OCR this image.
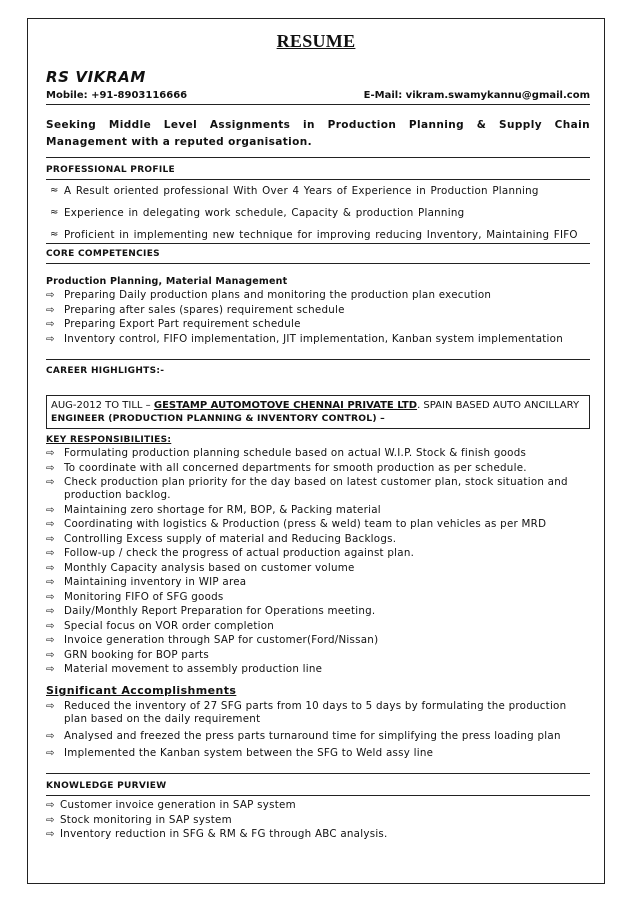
RESUME
RS VIKRAM
Mobile: +91-8903116666	E-Mail: vikram.swamykannu@gmail.com
Seeking Middle Level Assignments in Production Planning & Supply Chain Management with a reputed organisation.
PROFESSIONAL PROFILE
≈ A Result oriented professional With Over 4 Years of Experience in Production Planning
≈ Experience in delegating work schedule, Capacity & production Planning
≈ Proficient in implementing new technique for improving reducing Inventory, Maintaining FIFO
CORE COMPETENCIES
Production Planning, Material Management
⇨ Preparing Daily production plans and monitoring the production plan execution
⇨ Preparing after sales (spares) requirement schedule
⇨ Preparing Export Part requirement schedule
⇨ Inventory control, FIFO implementation, JIT implementation, Kanban system implementation
CAREER HIGHLIGHTS:-
AUG-2012 TO TILL – GESTAMP AUTOMOTOVE CHENNAI PRIVATE LTD. SPAIN BASED AUTO ANCILLARY
ENGINEER (PRODUCTION PLANNING & INVENTORY CONTROL) –
KEY RESPONSIBILITIES:
⇨ Formulating production planning schedule based on actual W.I.P. Stock & finish goods
⇨ To coordinate with all concerned departments for smooth production as per schedule.
⇨ Check production plan priority for the day based on latest customer plan, stock situation and production backlog.
⇨ Maintaining zero shortage for RM, BOP, & Packing material
⇨ Coordinating with logistics & Production (press & weld) team to plan vehicles as per MRD
⇨ Controlling Excess supply of material and Reducing Backlogs.
⇨ Follow-up / check the progress of actual production against plan.
⇨ Monthly Capacity analysis based on customer volume
⇨ Maintaining inventory in WIP area
⇨ Monitoring FIFO of SFG goods
⇨ Daily/Monthly Report Preparation for Operations meeting.
⇨ Special focus on VOR order completion
⇨ Invoice generation through SAP for customer(Ford/Nissan)
⇨ GRN booking for BOP parts
⇨ Material movement to assembly production line
Significant Accomplishments
⇨ Reduced the inventory of 27 SFG parts from 10 days to 5 days by formulating the production plan based on the daily requirement
⇨ Analysed and freezed the press parts turnaround time for simplifying the press loading plan
⇨ Implemented the Kanban system between the SFG to Weld assy line
KNOWLEDGE PURVIEW
⇨ Customer invoice generation in SAP system
⇨ Stock monitoring in SAP system
⇨ Inventory reduction in SFG & RM & FG through ABC analysis.
